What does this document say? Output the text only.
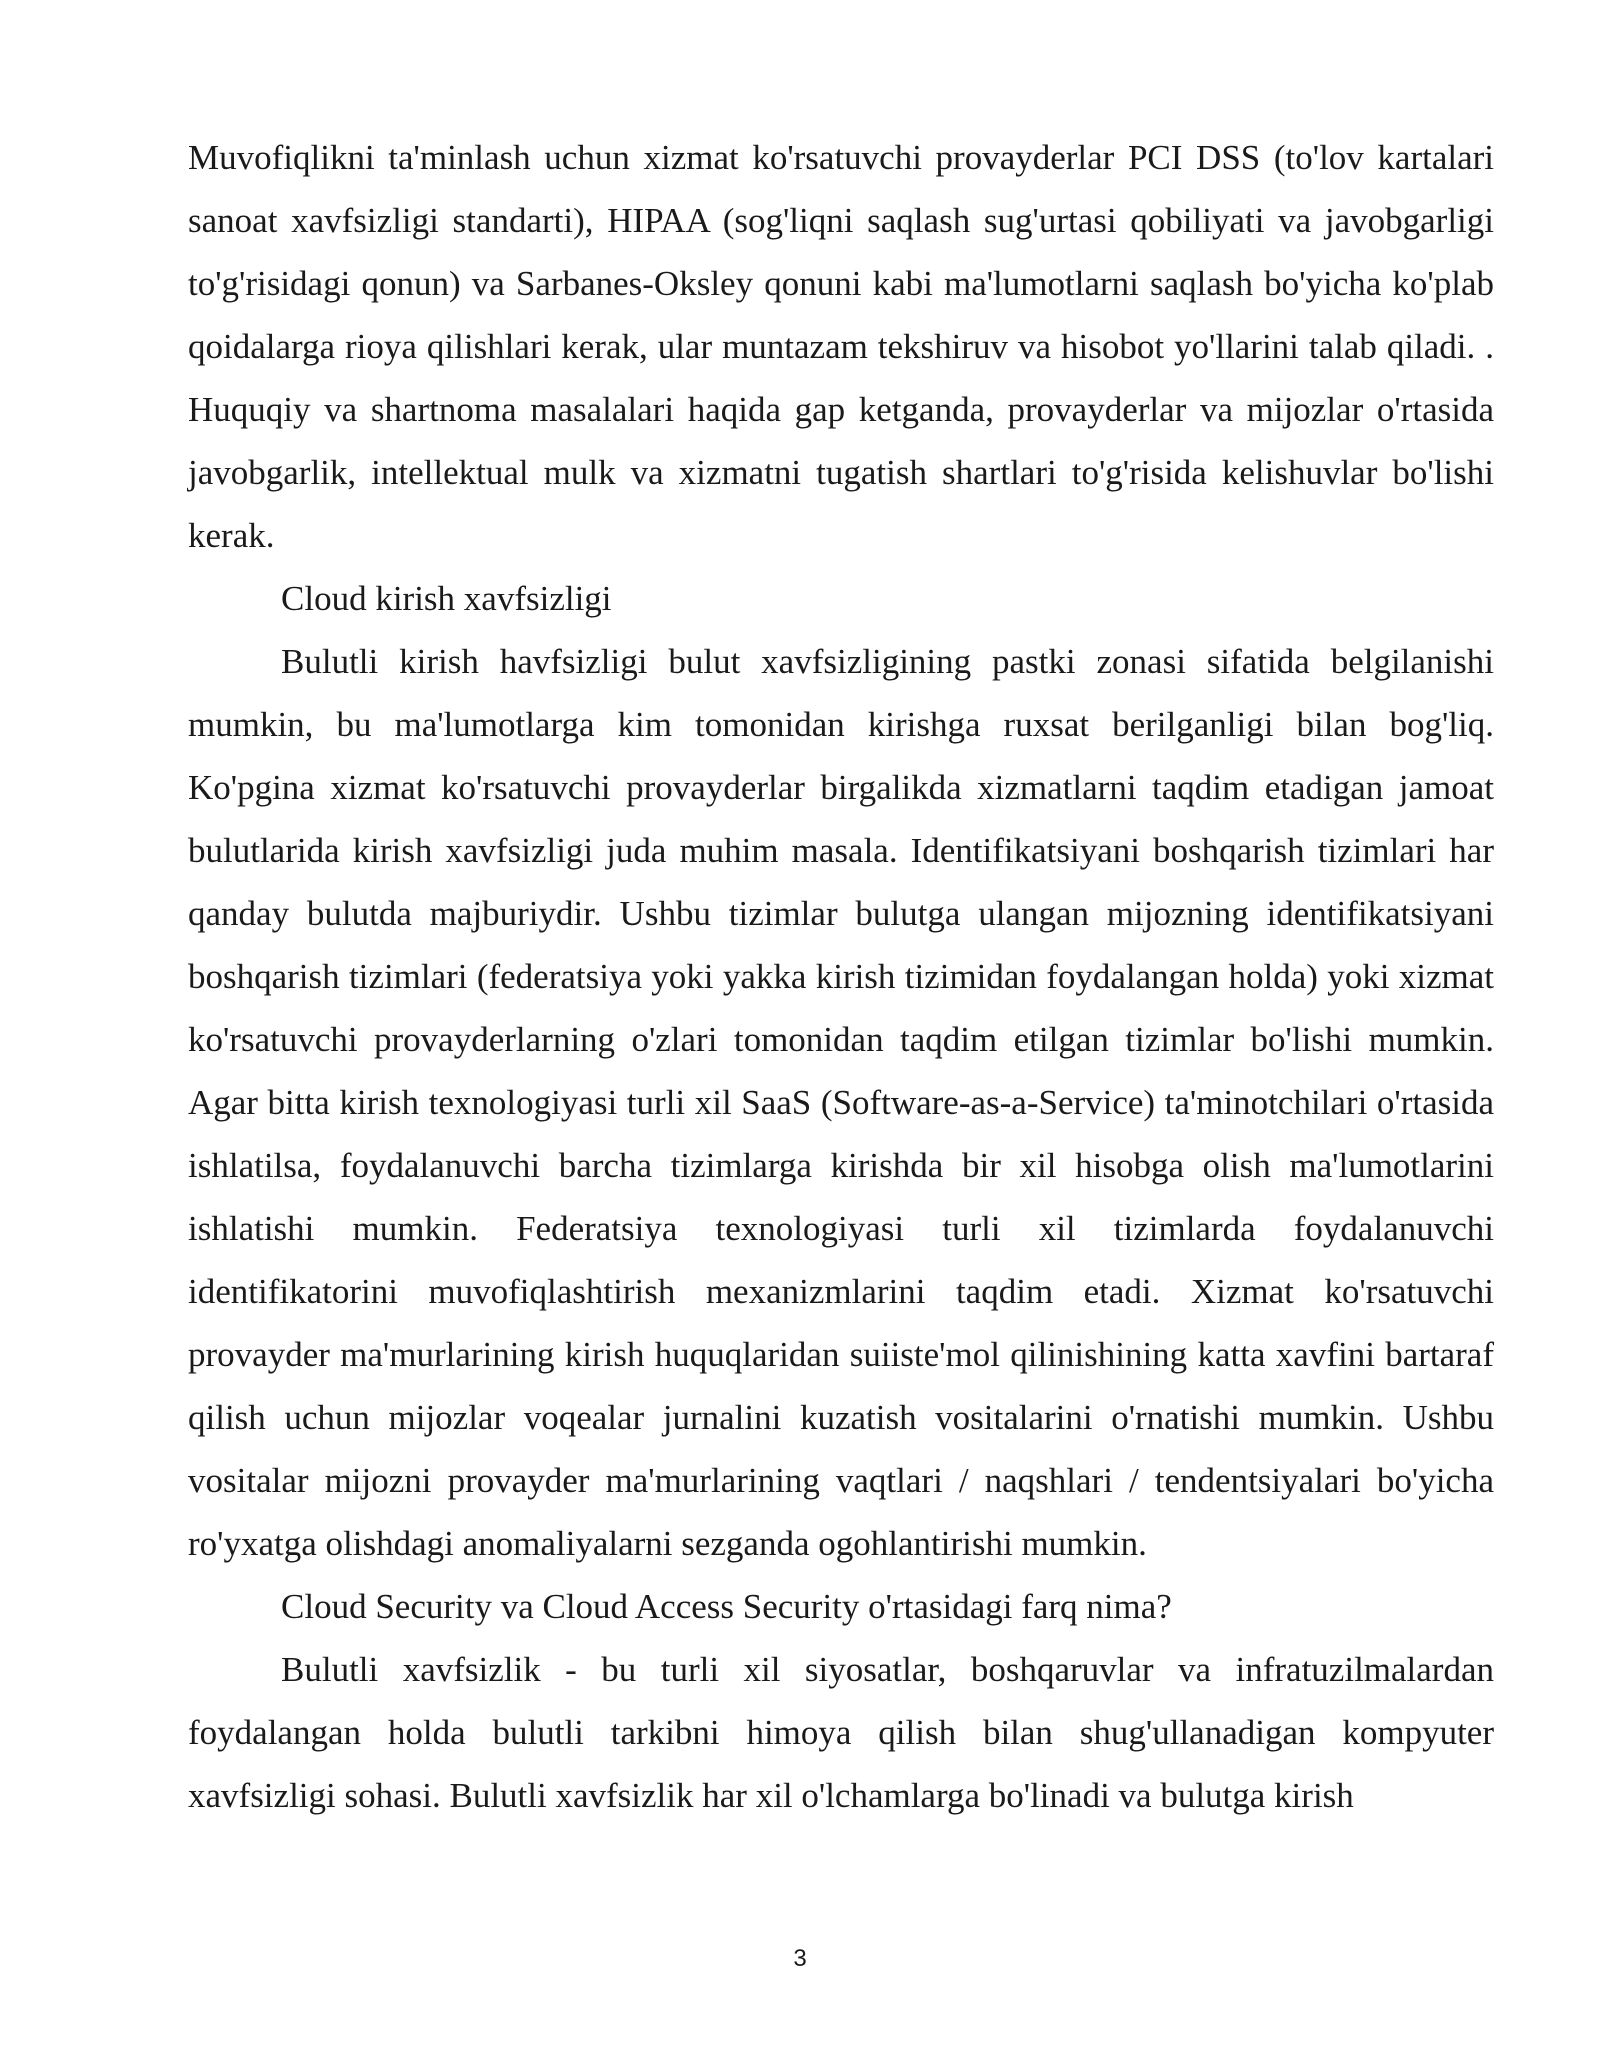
Muvofiqlikni ta'minlash uchun xizmat ko'rsatuvchi provayderlar PCI DSS (to'lov kartalari sanoat xavfsizligi standarti), HIPAA (sog'liqni saqlash sug'urtasi qobiliyati va javobgarligi to'g'risidagi qonun) va Sarbanes-Oksley qonuni kabi ma'lumotlarni saqlash bo'yicha ko'plab qoidalarga rioya qilishlari kerak, ular muntazam tekshiruv va hisobot yo'llarini talab qiladi. . Huquqiy va shartnoma masalalari haqida gap ketganda, provayderlar va mijozlar o'rtasida javobgarlik, intellektual mulk va xizmatni tugatish shartlari to'g'risida kelishuvlar bo'lishi kerak.

Cloud kirish xavfsizligi

Bulutli kirish havfsizligi bulut xavfsizligining pastki zonasi sifatida belgilanishi mumkin, bu ma'lumotlarga kim tomonidan kirishga ruxsat berilganligi bilan bog'liq. Ko'pgina xizmat ko'rsatuvchi provayderlar birgalikda xizmatlarni taqdim etadigan jamoat bulutlarida kirish xavfsizligi juda muhim masala. Identifikatsiyani boshqarish tizimlari har qanday bulutda majburiydir. Ushbu tizimlar bulutga ulangan mijozning identifikatsiyani boshqarish tizimlari (federatsiya yoki yakka kirish tizimidan foydalangan holda) yoki xizmat ko'rsatuvchi provayderlarning o'zlari tomonidan taqdim etilgan tizimlar bo'lishi mumkin. Agar bitta kirish texnologiyasi turli xil SaaS (Software-as-a-Service) ta'minotchilari o'rtasida ishlatilsa, foydalanuvchi barcha tizimlarga kirishda bir xil hisobga olish ma'lumotlarini ishlatishi mumkin. Federatsiya texnologiyasi turli xil tizimlarda foydalanuvchi identifikatorini muvofiqlashtirish mexanizmlarini taqdim etadi. Xizmat ko'rsatuvchi provayder ma'murlarining kirish huquqlaridan suiiste'mol qilinishining katta xavfini bartaraf qilish uchun mijozlar voqealar jurnalini kuzatish vositalarini o'rnatishi mumkin. Ushbu vositalar mijozni provayder ma'murlarining vaqtlari / naqshlari / tendentsiyalari bo'yicha ro'yxatga olishdagi anomaliyalarni sezganda ogohlantirishi mumkin.

Cloud Security va Cloud Access Security o'rtasidagi farq nima?

Bulutli xavfsizlik - bu turli xil siyosatlar, boshqaruvlar va infratuzilmalardan foydalangan holda bulutli tarkibni himoya qilish bilan shug'ullanadigan kompyuter xavfsizligi sohasi. Bulutli xavfsizlik har xil o'lchamlarga bo'linadi va bulutga kirish

3
